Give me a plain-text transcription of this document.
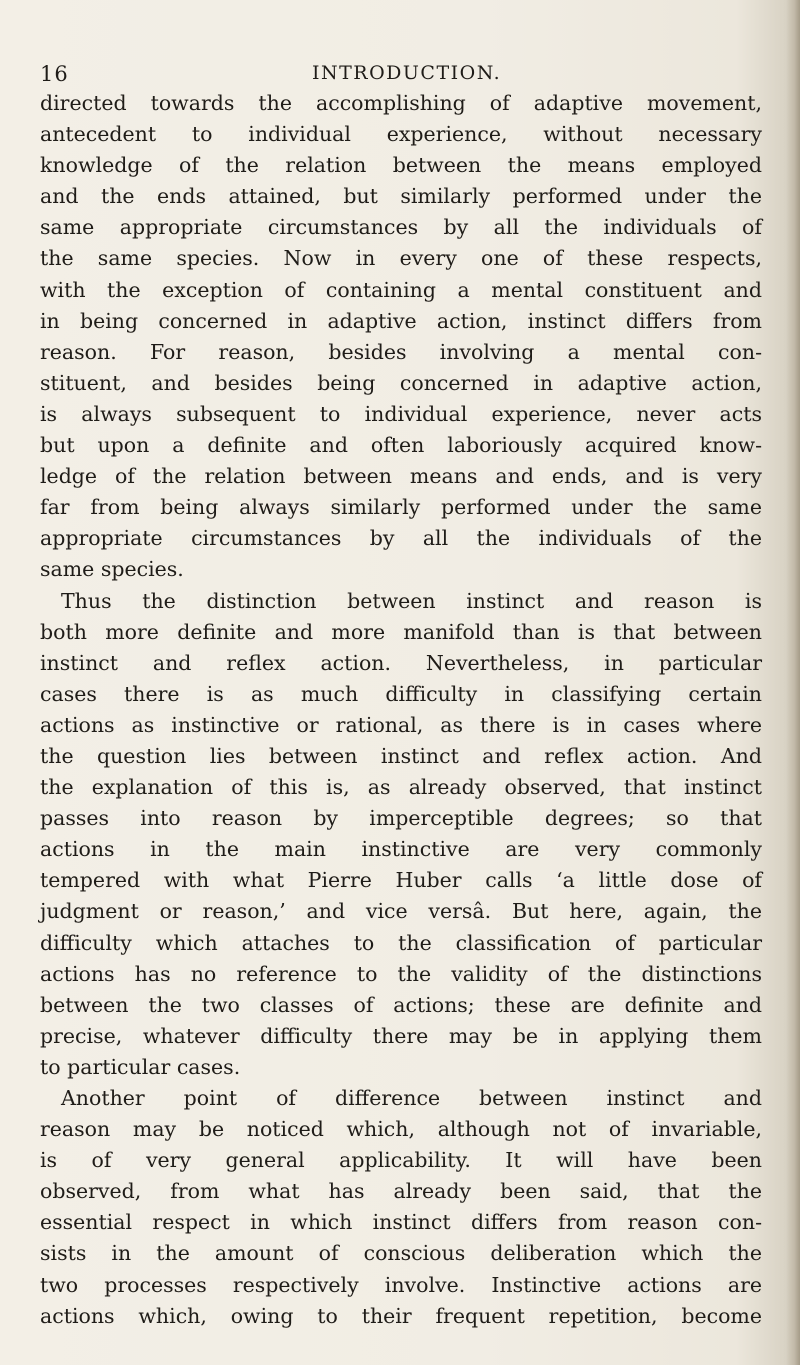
16	INTRODUCTION.
directed towards the accomplishing of adaptive movement,
antecedent to individual experience, without necessary
knowledge of the relation between the means employed
and the ends attained, but similarly performed under the
same appropriate circumstances by all the individuals of
the same species. Now in every one of these respects,
with the exception of containing a mental constituent and
in being concerned in adaptive action, instinct differs from
reason. For reason, besides involving a mental con-
stituent, and besides being concerned in adaptive action,
is always subsequent to individual experience, never acts
but upon a definite and often laboriously acquired know-
ledge of the relation between means and ends, and is very
far from being always similarly performed under the same
appropriate circumstances by all the individuals of the
same species.
Thus the distinction between instinct and reason is
both more definite and more manifold than is that between
instinct and reflex action. Nevertheless, in particular
cases there is as much difficulty in classifying certain
actions as instinctive or rational, as there is in cases where
the question lies between instinct and reflex action. And
the explanation of this is, as already observed, that instinct
passes into reason by imperceptible degrees; so that
actions in the main instinctive are very commonly
tempered with what Pierre Huber calls ‘a little dose of
judgment or reason,’ and vice versâ. But here, again, the
difficulty which attaches to the classification of particular
actions has no reference to the validity of the distinctions
between the two classes of actions; these are definite and
precise, whatever difficulty there may be in applying them
to particular cases.
Another point of difference between instinct and
reason may be noticed which, although not of invariable,
is of very general applicability. It will have been
observed, from what has already been said, that the
essential respect in which instinct differs from reason con-
sists in the amount of conscious deliberation which the
two processes respectively involve. Instinctive actions are
actions which, owing to their frequent repetition, become
